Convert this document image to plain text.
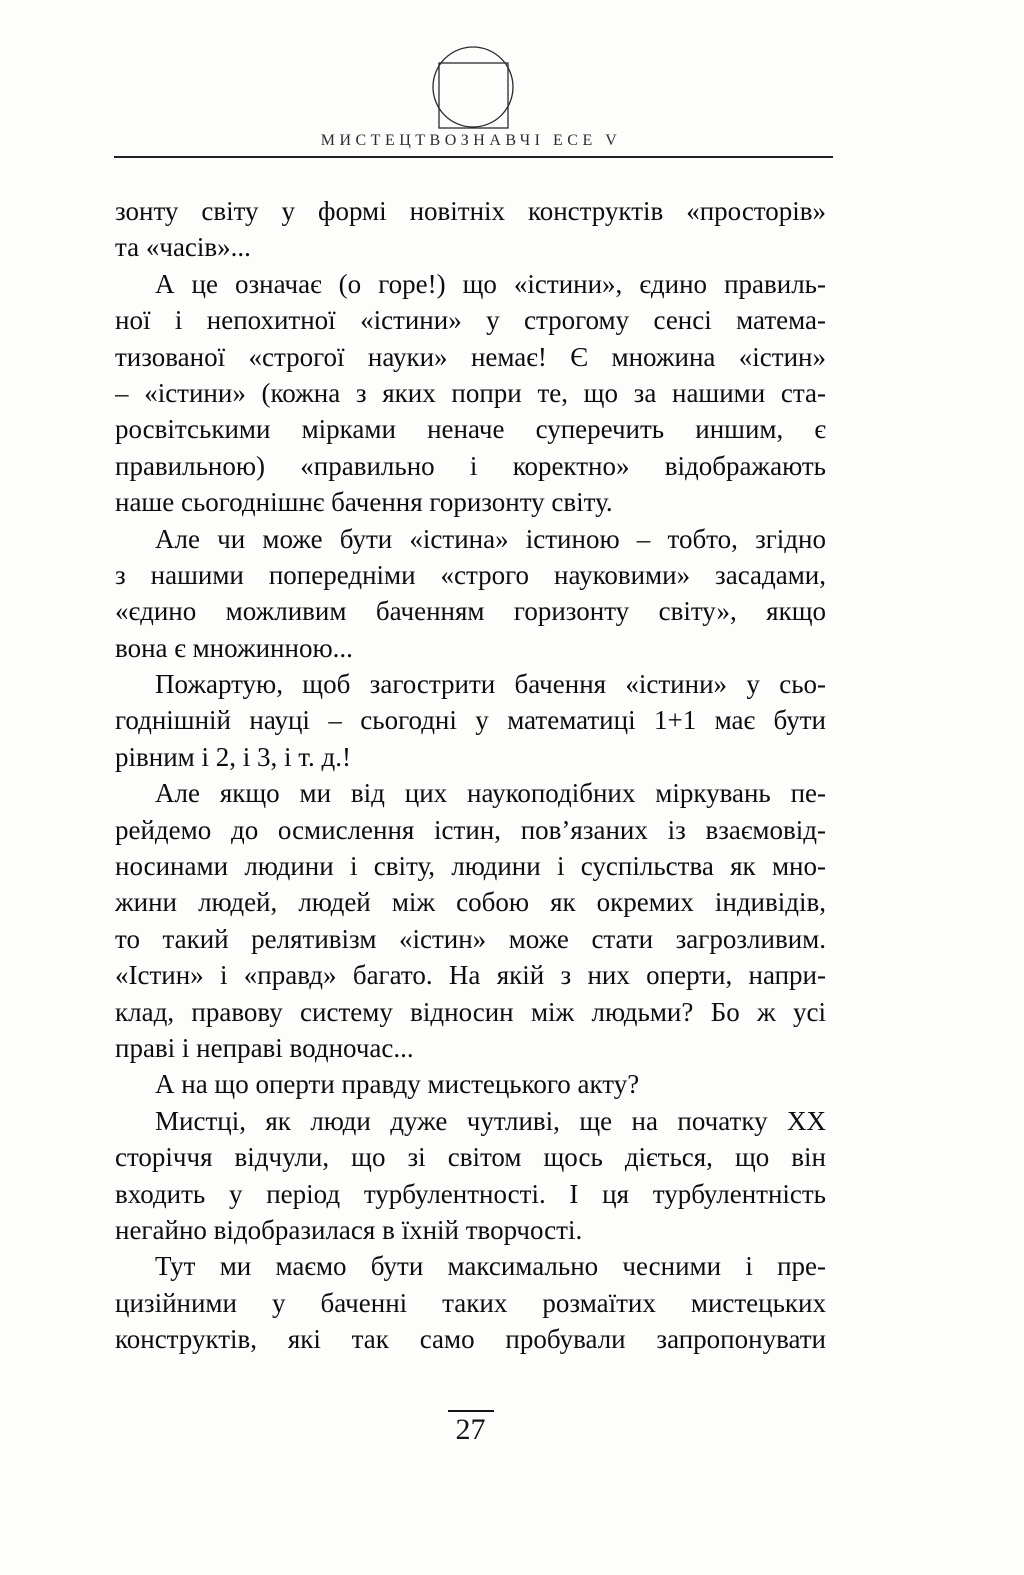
МИСТЕЦТВОЗНАВЧІ ЕСЕ V
зонту світу у формі новітніх конструктів «просторів»
та «часів»...
А це означає (о горе!) що «істини», єдино правиль-
ної і непохитної «істини» у строгому сенсі матема-
тизованої «строгої науки» немає! Є множина «істин»
– «істини» (кожна з яких попри те, що за нашими ста-
росвітськими мірками неначе суперечить иншим, є
правильною) «правильно і коректно» відображають
наше сьогоднішнє бачення горизонту світу.
Але чи може бути «істина» істиною – тобто, згідно
з нашими попередніми «строго науковими» засадами,
«єдино можливим баченням горизонту світу», якщо
вона є множинною...
Пожартую, щоб загострити бачення «істини» у сьо-
годнішній науці – сьогодні у математиці 1+1 має бути
рівним і 2, і 3, і т. д.!
Але якщо ми від цих наукоподібних міркувань пе-
рейдемо до осмислення істин, пов’язаних із взаємовід-
носинами людини і світу, людини і суспільства як мно-
жини людей, людей між собою як окремих індивідів,
то такий релятивізм «істин» може стати загрозливим.
«Істин» і «правд» багато. На якій з них оперти, напри-
клад, правову систему відносин між людьми? Бо ж усі
праві і неправі водночас...
А на що оперти правду мистецького акту?
Мистці, як люди дуже чутливі, ще на початку ХХ
сторіччя відчули, що зі світом щось діється, що він
входить у період турбулентності. І ця турбулентність
негайно відобразилася в їхній творчості.
Тут ми маємо бути максимально чесними і пре-
цизійними у баченні таких розмаїтих мистецьких
конструктів, які так само пробували запропонувати
27
